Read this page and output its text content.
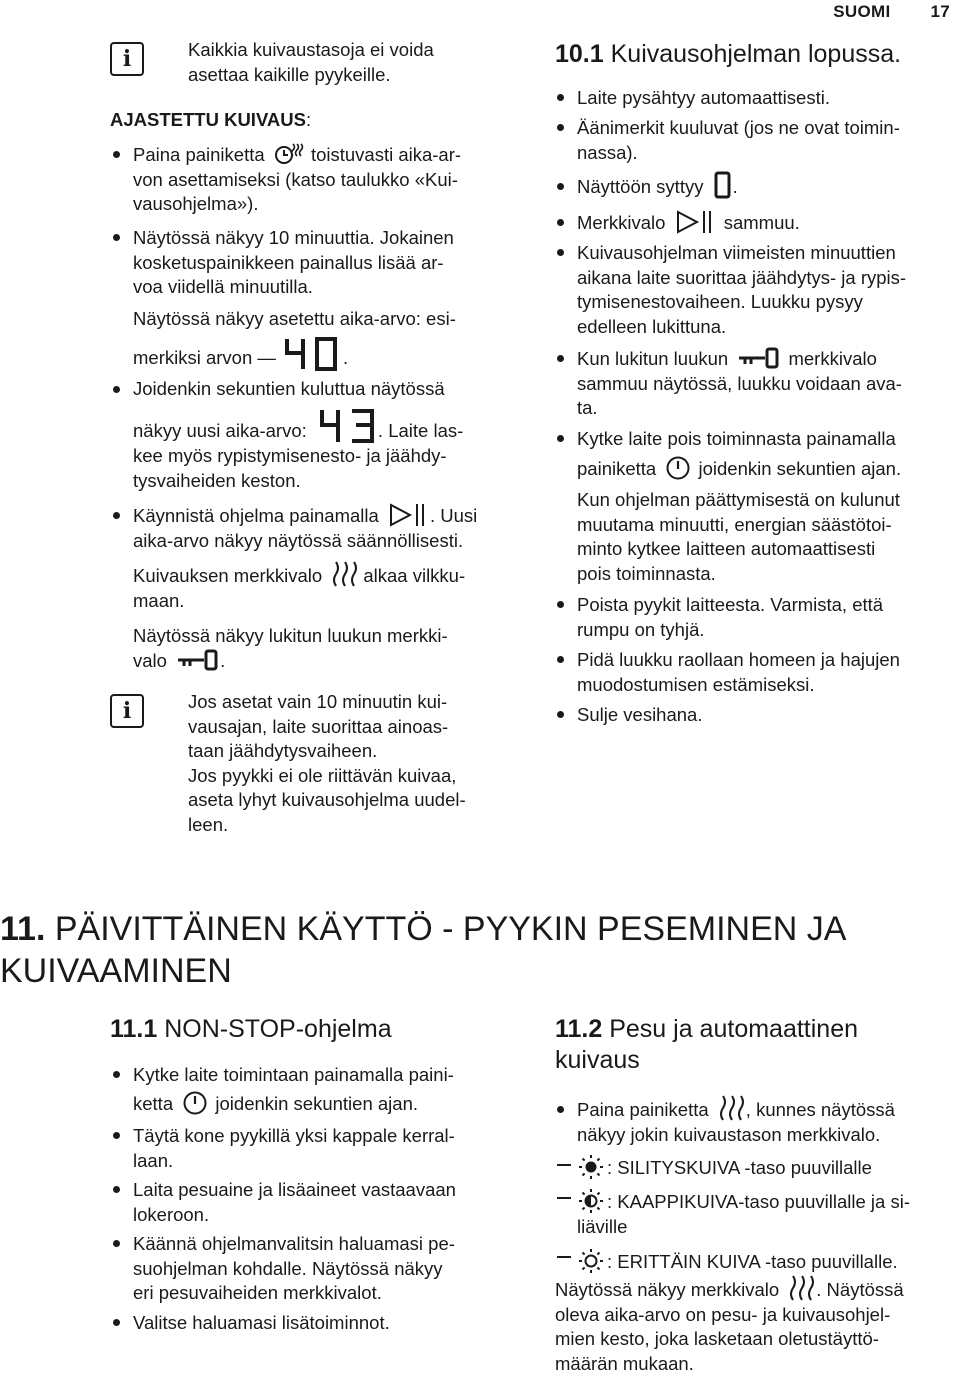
SUOMI 17
i	Kaikkia kuivaustasoja ei voida asettaa kaikille pyykeille.
AJASTETTU KUIVAUS:
Paina painiketta	toistuvasti aika-ar-
von asettamiseksi (katso taulukko «Kui-
vausohjelma»).
Näytössä näkyy 10 minuuttia. Jokainen
kosketuspainikkeen painallus lisää ar-
voa viidellä minuutilla.
Näytössä näkyy asetettu aika-arvo: esi-
merkiksi arvon —	.
Joidenkin sekuntien kuluttua näytössä
näkyy uusi aika-arvo:	. Laite las-
kee myös rypistymisenesto- ja jäähdy-
tysvaiheiden keston.
Käynnistä ohjelma painamalla	. Uusi
aika-arvo näkyy näytössä säännöllisesti.
Kuivauksen merkkivalo alkaa vilkku-
maan.
Näytössä näkyy lukitun luukun merkki-
valo	.
i	Jos asetat vain 10 minuutin kui-
vausajan, laite suorittaa ainoas-
taan jäähdytysvaiheen.
Jos pyykki ei ole riittävän kuivaa,
aseta lyhyt kuivausohjelma uudel-
leen.
10.1 Kuivausohjelman lopussa.
Laite pysähtyy automaattisesti.
Äänimerkit kuuluvat (jos ne ovat toimin-
nassa).
Näyttöön syttyy .
Merkkivalo	sammuu.
Kuivausohjelman viimeisten minuuttien
aikana laite suorittaa jäähdytys- ja rypis-
tymisenestovaiheen. Luukku pysyy
edelleen lukittuna.
Kun lukitun luukun	merkkivalo
sammuu näytössä, luukku voidaan ava-
ta.
Kytke laite pois toiminnasta painamalla
painiketta joidenkin sekuntien ajan.
Kun ohjelman päättymisestä on kulunut
muutama minuutti, energian säästötoi-
minto kytkee laitteen automaattisesti
pois toiminnasta.
Poista pyykit laitteesta. Varmista, että
rumpu on tyhjä.
Pidä luukku raollaan homeen ja hajujen
muodostumisen estämiseksi.
Sulje vesihana.
11. PÄIVITTÄINEN KÄYTTÖ - PYYKIN PESEMINEN JA
KUIVAAMINEN
11.1 NON-STOP-ohjelma
Kytke laite toimintaan painamalla paini-
ketta joidenkin sekuntien ajan.
Täytä kone pyykillä yksi kappale kerral-
laan.
Laita pesuaine ja lisäaineet vastaavaan
lokeroon.
Käännä ohjelmanvalitsin haluamasi pe-
suohjelman kohdalle. Näytössä näkyy
eri pesuvaiheiden merkkivalot.
Valitse haluamasi lisätoiminnot.
11.2 Pesu ja automaattinen
kuivaus
Paina painiketta , kunnes näytössä
näkyy jokin kuivaustason merkkivalo.
: SILITYSKUIVA -taso puuvillalle
: KAAPPIKUIVA-taso puuvillalle ja si-
liäville
: ERITTÄIN KUIVA -taso puuvillalle.
Näytössä näkyy merkkivalo . Näytössä
oleva aika-arvo on pesu- ja kuivausohjel-
mien kesto, joka lasketaan oletustäyttö-
määrän mukaan.
